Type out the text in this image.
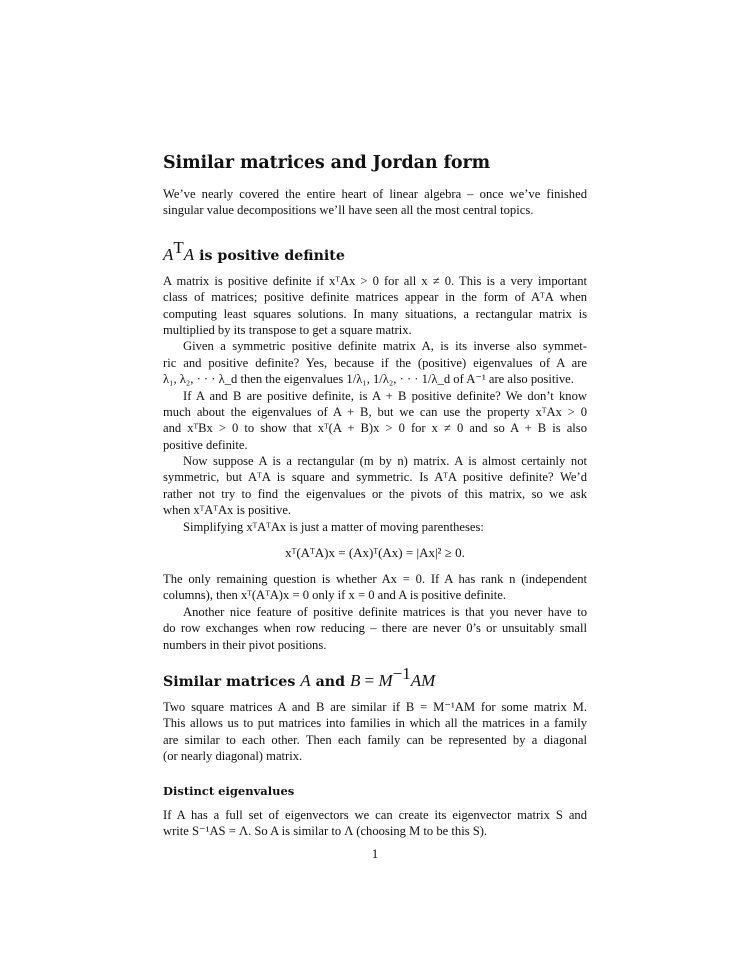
Similar matrices and Jordan form

We’ve nearly covered the entire heart of linear algebra – once we’ve finished
singular value decompositions we’ll have seen all the most central topics.

$A^TA$ is positive definite

A matrix is positive definite if xᵀAx > 0 for all x ≠ 0. This is a very important
class of matrices; positive definite matrices appear in the form of AᵀA when
computing least squares solutions. In many situations, a rectangular matrix is
multiplied by its transpose to get a square matrix.

Given a symmetric positive definite matrix A, is its inverse also symmet-
ric and positive definite? Yes, because if the (positive) eigenvalues of A are
λ₁, λ₂, · · · λ_d then the eigenvalues 1/λ₁, 1/λ₂, · · · 1/λ_d of A⁻¹ are also positive.

If A and B are positive definite, is A + B positive definite? We don’t know
much about the eigenvalues of A + B, but we can use the property xᵀAx > 0
and xᵀBx > 0 to show that xᵀ(A + B)x > 0 for x ≠ 0 and so A + B is also
positive definite.

Now suppose A is a rectangular (m by n) matrix. A is almost certainly not
symmetric, but AᵀA is square and symmetric. Is AᵀA positive definite? We’d
rather not try to find the eigenvalues or the pivots of this matrix, so we ask
when xᵀAᵀAx is positive.

Simplifying xᵀAᵀAx is just a matter of moving parentheses:

xᵀ(AᵀA)x = (Ax)ᵀ(Ax) = |Ax|² ≥ 0.

The only remaining question is whether Ax = 0. If A has rank n (independent
columns), then xᵀ(AᵀA)x = 0 only if x = 0 and A is positive definite.

Another nice feature of positive definite matrices is that you never have to
do row exchanges when row reducing – there are never 0’s or unsuitably small
numbers in their pivot positions.

Similar matrices A and $B = M^{-1}AM$

Two square matrices A and B are similar if B = M⁻¹AM for some matrix M.
This allows us to put matrices into families in which all the matrices in a family
are similar to each other. Then each family can be represented by a diagonal
(or nearly diagonal) matrix.

Distinct eigenvalues

If A has a full set of eigenvectors we can create its eigenvector matrix S and
write S⁻¹AS = Λ. So A is similar to Λ (choosing M to be this S).

1
